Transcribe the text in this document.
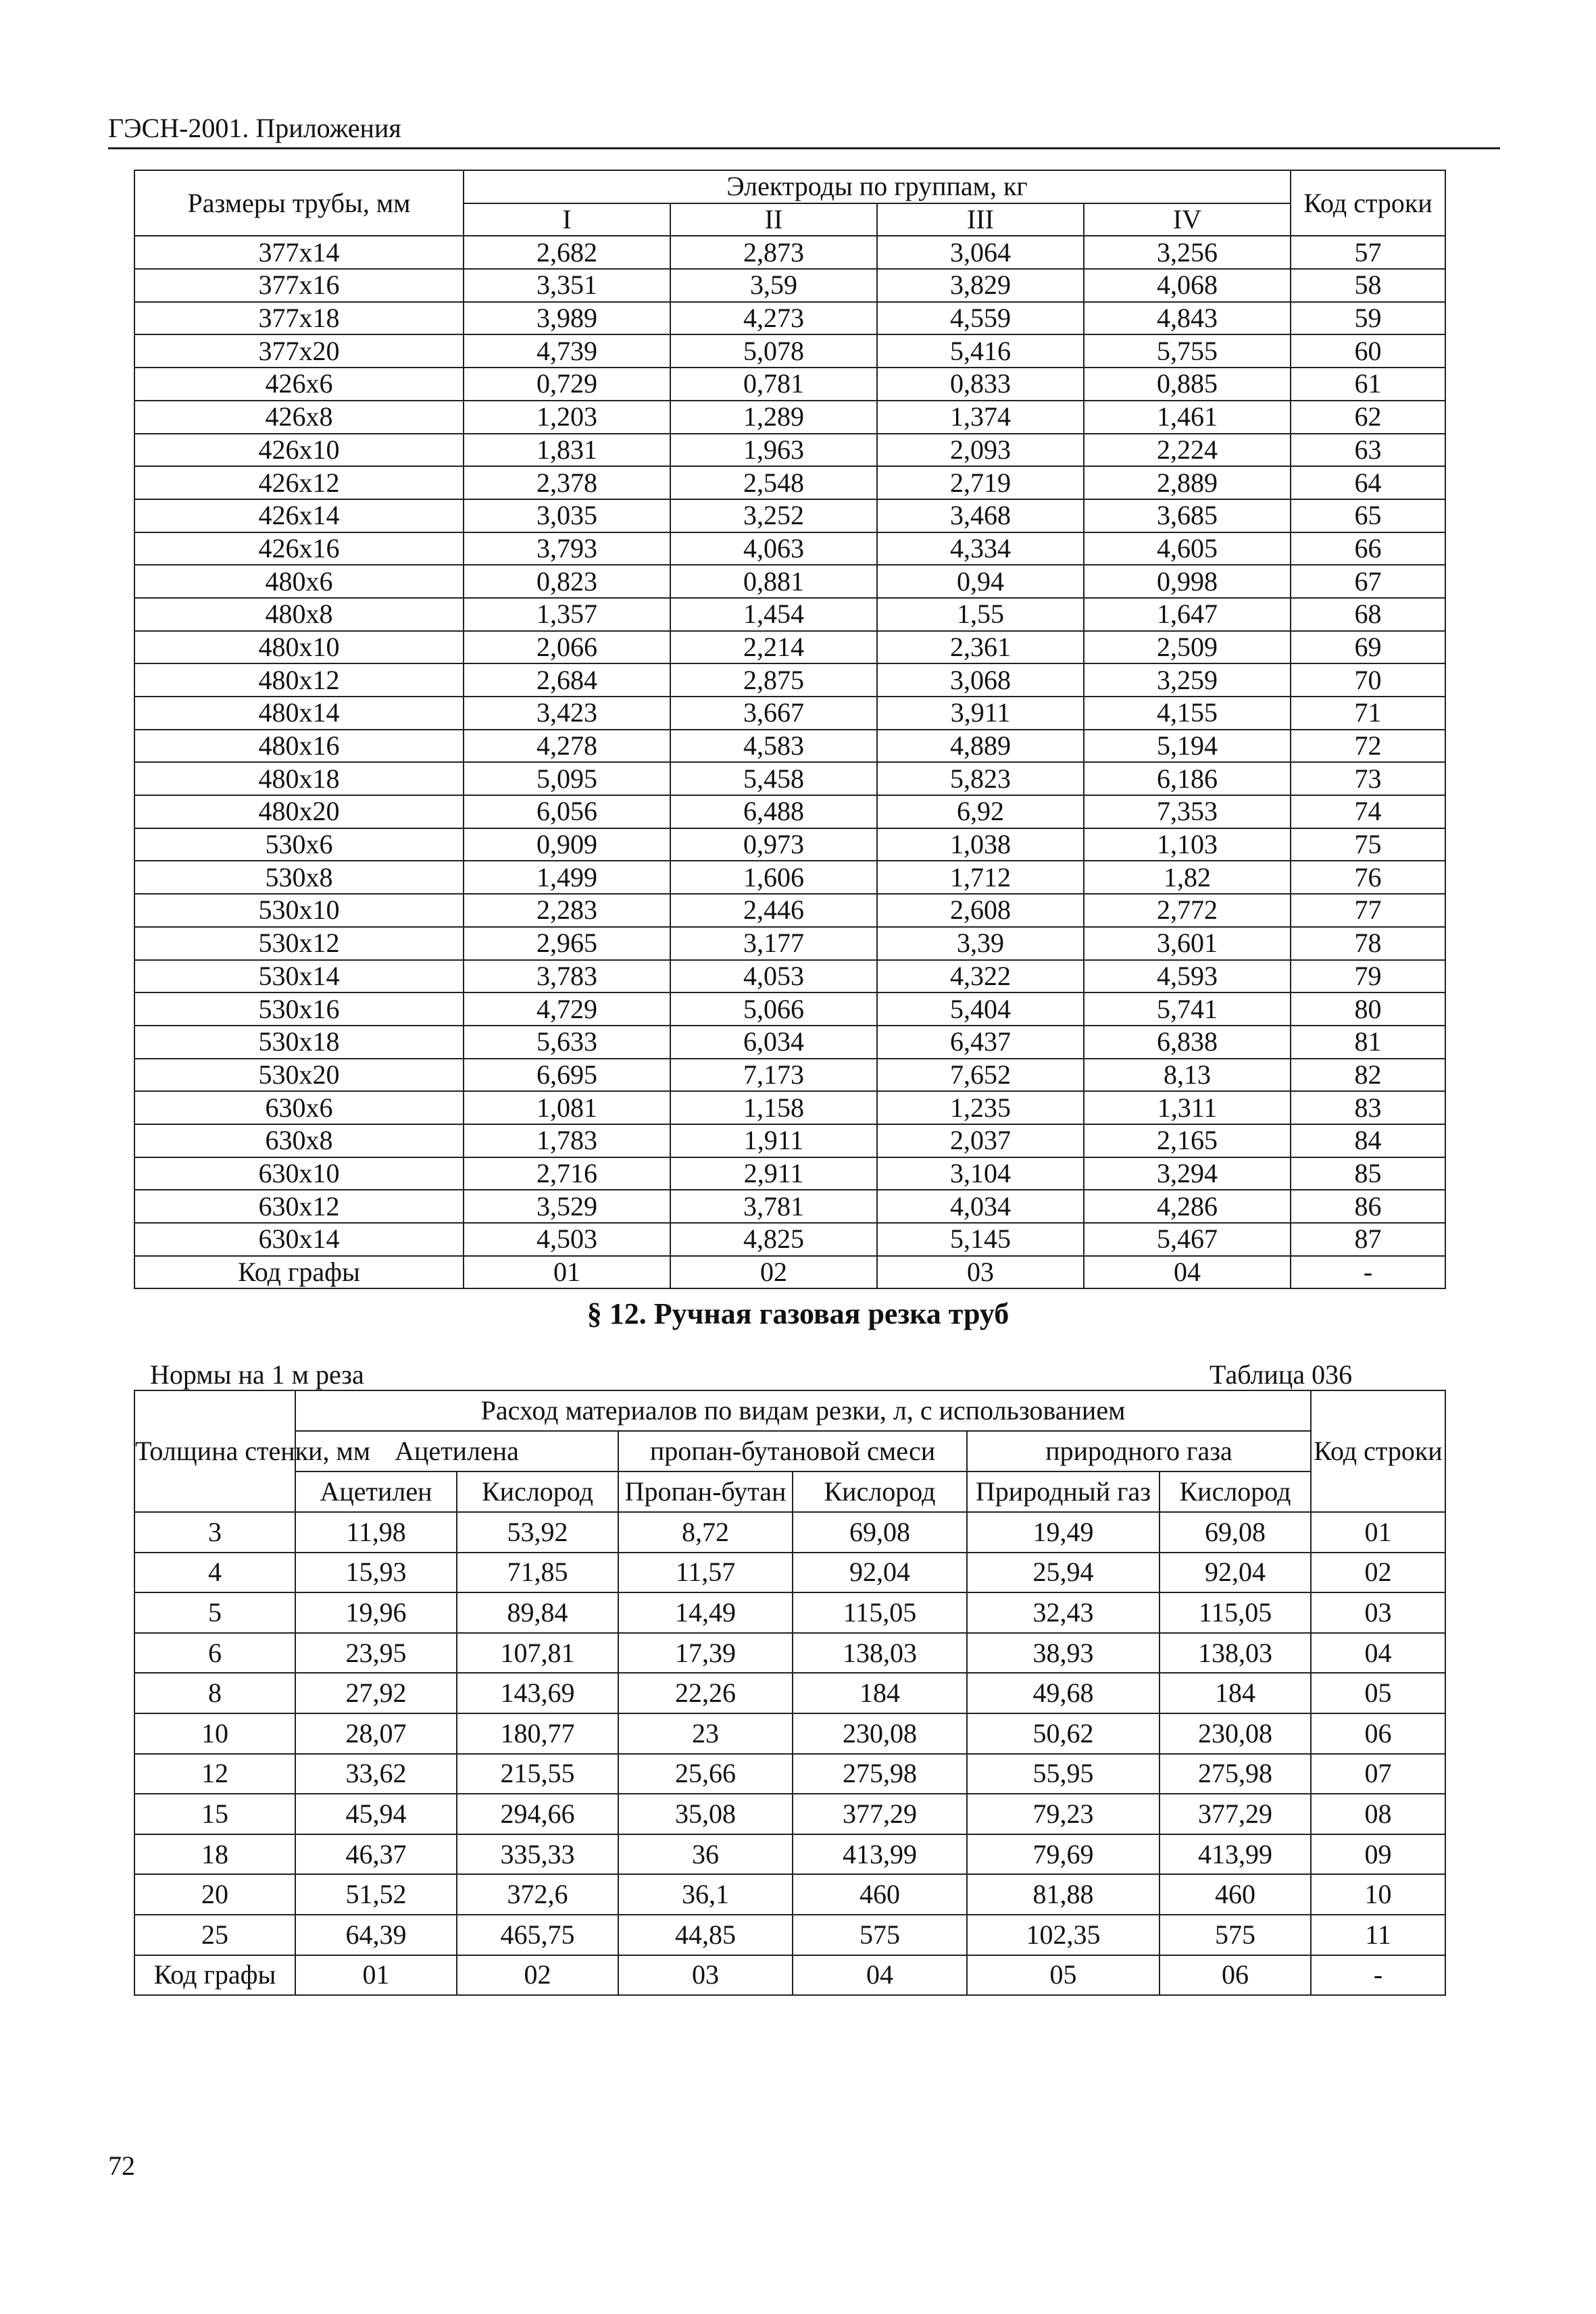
ГЭСН-2001. Приложения
Размеры трубы, мм	Электроды по группам, кг				Код строки
	I	II	III	IV	
377x14	2,682	2,873	3,064	3,256	57
377x16	3,351	3,59	3,829	4,068	58
377x18	3,989	4,273	4,559	4,843	59
377x20	4,739	5,078	5,416	5,755	60
426x6	0,729	0,781	0,833	0,885	61
426x8	1,203	1,289	1,374	1,461	62
426x10	1,831	1,963	2,093	2,224	63
426x12	2,378	2,548	2,719	2,889	64
426x14	3,035	3,252	3,468	3,685	65
426x16	3,793	4,063	4,334	4,605	66
480x6	0,823	0,881	0,94	0,998	67
480x8	1,357	1,454	1,55	1,647	68
480x10	2,066	2,214	2,361	2,509	69
480x12	2,684	2,875	3,068	3,259	70
480x14	3,423	3,667	3,911	4,155	71
480x16	4,278	4,583	4,889	5,194	72
480x18	5,095	5,458	5,823	6,186	73
480x20	6,056	6,488	6,92	7,353	74
530x6	0,909	0,973	1,038	1,103	75
530x8	1,499	1,606	1,712	1,82	76
530x10	2,283	2,446	2,608	2,772	77
530x12	2,965	3,177	3,39	3,601	78
530x14	3,783	4,053	4,322	4,593	79
530x16	4,729	5,066	5,404	5,741	80
530x18	5,633	6,034	6,437	6,838	81
530x20	6,695	7,173	7,652	8,13	82
630x6	1,081	1,158	1,235	1,311	83
630x8	1,783	1,911	2,037	2,165	84
630x10	2,716	2,911	3,104	3,294	85
630x12	3,529	3,781	4,034	4,286	86
630x14	4,503	4,825	5,145	5,467	87
Код графы	01	02	03	04	-
§ 12. Ручная газовая резка труб
Нормы на 1 м реза	Таблица 036
Толщина стенки, мм	Расход материалов по видам резки, л, с использованием						Код строки
	Ацетилена		пропан-бутановой смеси		природного газа		
	Ацетилен	Кислород	Пропан-бутан	Кислород	Природный газ	Кислород	
3	11,98	53,92	8,72	69,08	19,49	69,08	01
4	15,93	71,85	11,57	92,04	25,94	92,04	02
5	19,96	89,84	14,49	115,05	32,43	115,05	03
6	23,95	107,81	17,39	138,03	38,93	138,03	04
8	27,92	143,69	22,26	184	49,68	184	05
10	28,07	180,77	23	230,08	50,62	230,08	06
12	33,62	215,55	25,66	275,98	55,95	275,98	07
15	45,94	294,66	35,08	377,29	79,23	377,29	08
18	46,37	335,33	36	413,99	79,69	413,99	09
20	51,52	372,6	36,1	460	81,88	460	10
25	64,39	465,75	44,85	575	102,35	575	11
Код графы	01	02	03	04	05	06	-
72
